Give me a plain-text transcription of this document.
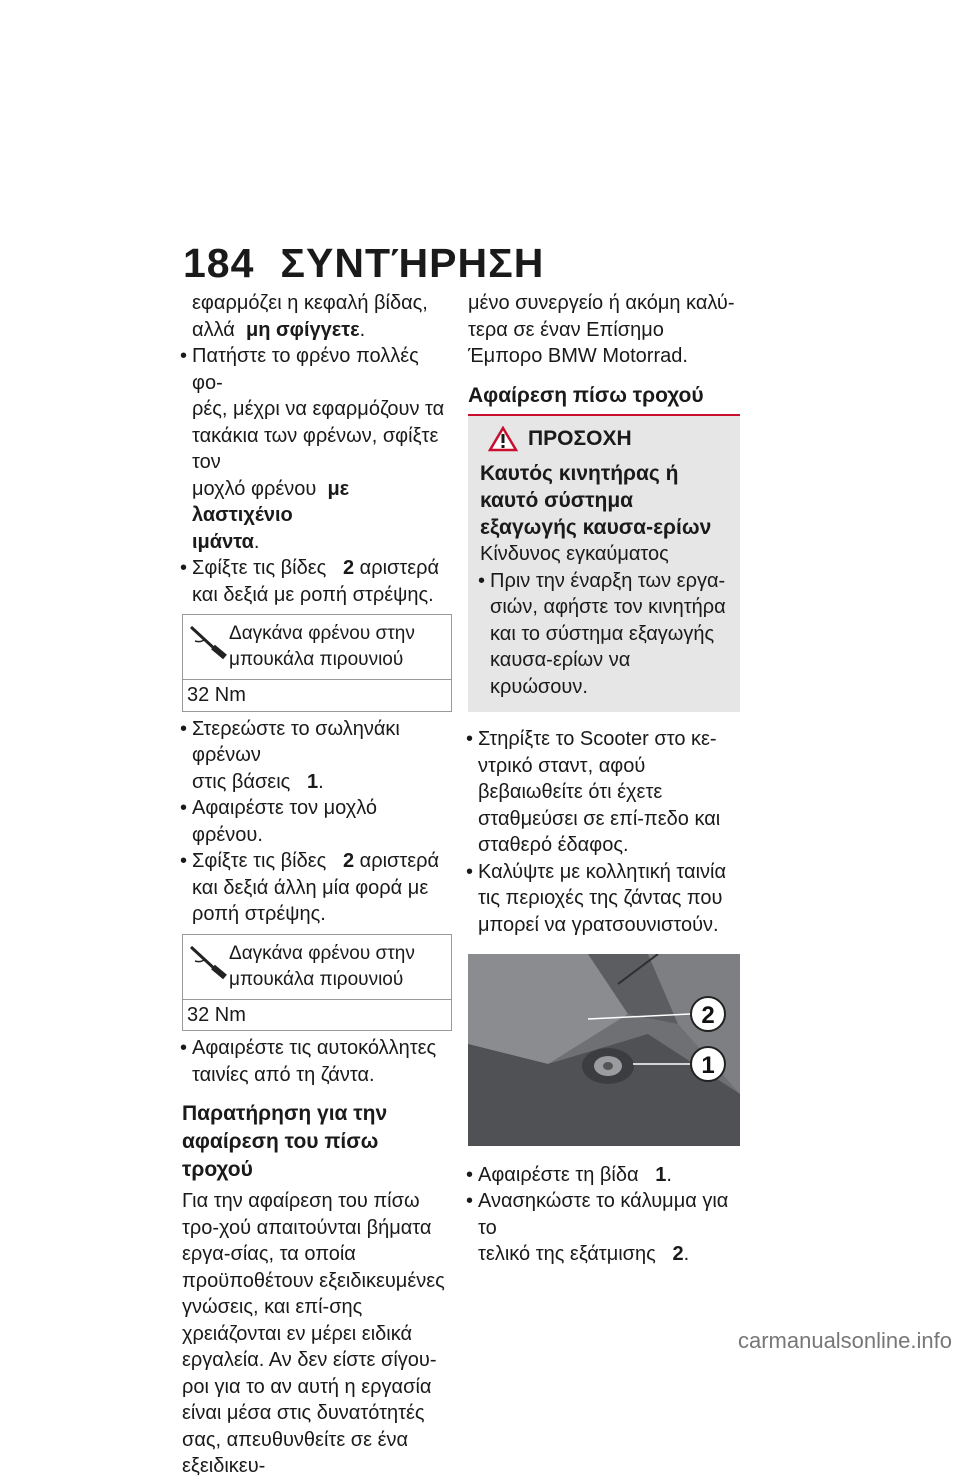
184 ΣΥΝΤΉΡΗΣΗ

εφαρμόζει η κεφαλή βίδας,
αλλά μη σφίγγετε.

• Πατήστε το φρένο πολλές φο-
ρές, μέχρι να εφαρμόζουν τα
τακάκια των φρένων, σφίξτε τον
μοχλό φρένου με λαστιχένιο
ιμάντα.

• Σφίξτε τις βίδες 2 αριστερά
και δεξιά με ροπή στρέψης.

Δαγκάνα φρένου στην μπουκάλα πιρουνιού
32 Nm

• Στερεώστε το σωληνάκι φρένων
στις βάσεις 1.

• Αφαιρέστε τον μοχλό φρένου.

• Σφίξτε τις βίδες 2 αριστερά
και δεξιά άλλη μία φορά με
ροπή στρέψης.

Δαγκάνα φρένου στην μπουκάλα πιρουνιού
32 Nm

• Αφαιρέστε τις αυτοκόλλητες
ταινίες από τη ζάντα.

Παρατήρηση για την αφαίρεση του πίσω τροχού

Για την αφαίρεση του πίσω τρο-χού απαιτούνται βήματα εργα-σίας, τα οποία προϋποθέτουν εξειδικευμένες γνώσεις, και επί-σης χρειάζονται εν μέρει ειδικά εργαλεία. Αν δεν είστε σίγου-ροι για το αν αυτή η εργασία είναι μέσα στις δυνατότητές σας, απευθυνθείτε σε ένα εξειδικευ-

μένο συνεργείο ή ακόμη καλύ-τερα σε έναν Επίσημο Έμπορο BMW Motorrad.

Αφαίρεση πίσω τροχού
ΠΡΟΣΟΧΗ
Καυτός κινητήρας ή καυτό σύστημα εξαγωγής καυσα-ερίων
Κίνδυνος εγκαύματος
• Πριν την έναρξη των εργα-σιών, αφήστε τον κινητήρα και το σύστημα εξαγωγής καυσα-ερίων να κρυώσουν.

• Στηρίξτε το Scooter στο κε-ντρικό σταντ, αφού βεβαιωθείτε ότι έχετε σταθμεύσει σε επί-πεδο και σταθερό έδαφος.

• Καλύψτε με κολλητική ταινία τις περιοχές της ζάντας που μπορεί να γρατσουνιστούν.

2
1

• Αφαιρέστε τη βίδα 1.

• Ανασηκώστε το κάλυμμα για το
τελικό της εξάτμισης 2.

carmanualsonline.info
